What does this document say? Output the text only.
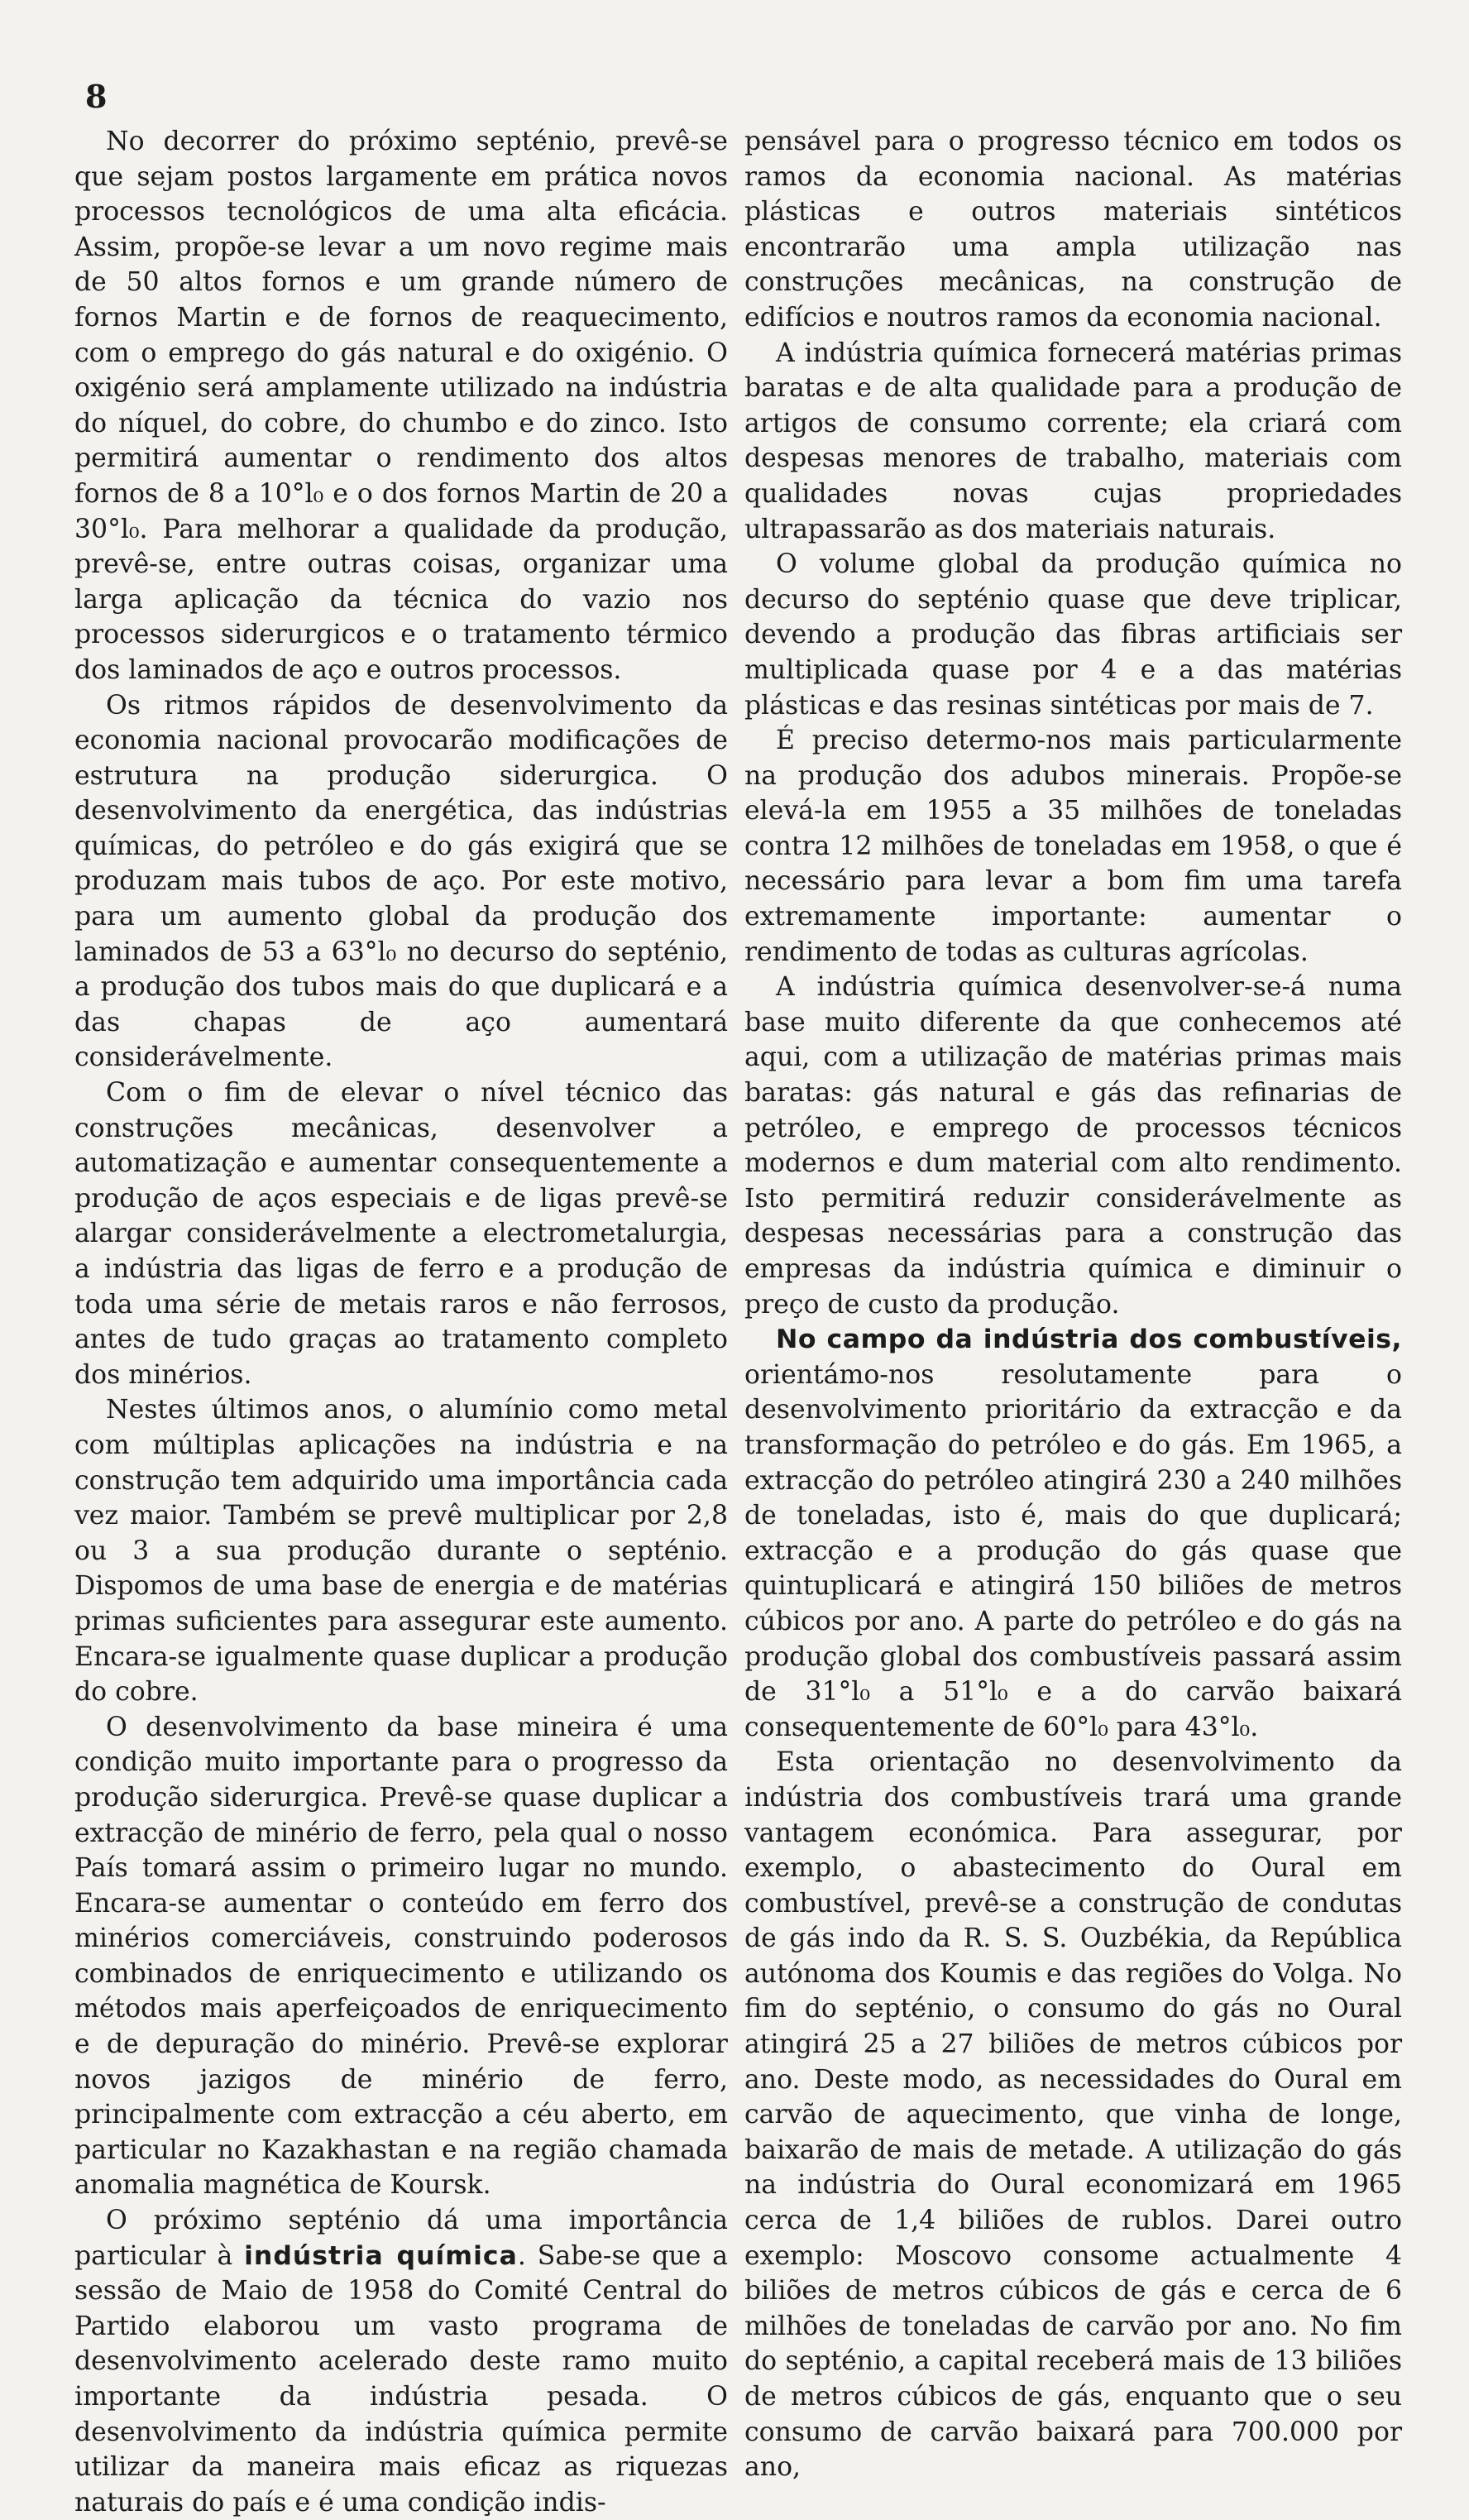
8

No decorrer do próximo septénio, prevê-se que sejam postos largamente em prática novos processos tecnológicos de uma alta eficácia. Assim, propõe-se levar a um novo regime mais de 50 altos fornos e um grande número de fornos Martin e de fornos de reaquecimento, com o emprego do gás natural e do oxigénio. O oxigénio será amplamente utilizado na indústria do níquel, do cobre, do chumbo e do zinco. Isto permitirá aumentar o rendimento dos altos fornos de 8 a 10°l₀ e o dos fornos Martin de 20 a 30°l₀. Para melhorar a qualidade da produção, prevê-se, entre outras coisas, organizar uma larga aplicação da técnica do vazio nos processos siderurgicos e o tratamento térmico dos laminados de aço e outros processos.

Os ritmos rápidos de desenvolvimento da economia nacional provocarão modificações de estrutura na produção siderurgica. O desenvolvimento da energética, das indústrias químicas, do petróleo e do gás exigirá que se produzam mais tubos de aço. Por este motivo, para um aumento global da produção dos laminados de 53 a 63°l₀ no decurso do septénio, a produção dos tubos mais do que duplicará e a das chapas de aço aumentará considerávelmente.

Com o fim de elevar o nível técnico das construções mecânicas, desenvolver a automatização e aumentar consequentemente a produção de aços especiais e de ligas prevê-se alargar considerávelmente a electrometalurgia, a indústria das ligas de ferro e a produção de toda uma série de metais raros e não ferrosos, antes de tudo graças ao tratamento completo dos minérios.

Nestes últimos anos, o alumínio como metal com múltiplas aplicações na indústria e na construção tem adquirido uma importância cada vez maior. Também se prevê multiplicar por 2,8 ou 3 a sua produção durante o septénio. Dispomos de uma base de energia e de matérias primas suficientes para assegurar este aumento. Encara-se igualmente quase duplicar a produção do cobre.

O desenvolvimento da base mineira é uma condição muito importante para o progresso da produção siderurgica. Prevê-se quase duplicar a extracção de minério de ferro, pela qual o nosso País tomará assim o primeiro lugar no mundo. Encara-se aumentar o conteúdo em ferro dos minérios comerciáveis, construindo poderosos combinados de enriquecimento e utilizando os métodos mais aperfeiçoados de enriquecimento e de depuração do minério. Prevê-se explorar novos jazigos de minério de ferro, principalmente com extracção a céu aberto, em particular no Kazakhastan e na região chamada anomalia magnética de Koursk.

O próximo septénio dá uma importância particular à indústria química. Sabe-se que a sessão de Maio de 1958 do Comité Central do Partido elaborou um vasto programa de desenvolvimento acelerado deste ramo muito importante da indústria pesada. O desenvolvimento da indústria química permite utilizar da maneira mais eficaz as riquezas naturais do país e é uma condição indis-

pensável para o progresso técnico em todos os ramos da economia nacional. As matérias plásticas e outros materiais sintéticos encontrarão uma ampla utilização nas construções mecânicas, na construção de edifícios e noutros ramos da economia nacional.

A indústria química fornecerá matérias primas baratas e de alta qualidade para a produção de artigos de consumo corrente; ela criará com despesas menores de trabalho, materiais com qualidades novas cujas propriedades ultrapassarão as dos materiais naturais.

O volume global da produção química no decurso do septénio quase que deve triplicar, devendo a produção das fibras artificiais ser multiplicada quase por 4 e a das matérias plásticas e das resinas sintéticas por mais de 7.

É preciso determo-nos mais particularmente na produção dos adubos minerais. Propõe-se elevá-la em 1955 a 35 milhões de toneladas contra 12 milhões de toneladas em 1958, o que é necessário para levar a bom fim uma tarefa extremamente importante: aumentar o rendimento de todas as culturas agrícolas.

A indústria química desenvolver-se-á numa base muito diferente da que conhecemos até aqui, com a utilização de matérias primas mais baratas: gás natural e gás das refinarias de petróleo, e emprego de processos técnicos modernos e dum material com alto rendimento. Isto permitirá reduzir considerávelmente as despesas necessárias para a construção das empresas da indústria química e diminuir o preço de custo da produção.

No campo da indústria dos combustíveis, orientámo-nos resolutamente para o desenvolvimento prioritário da extracção e da transformação do petróleo e do gás. Em 1965, a extracção do petróleo atingirá 230 a 240 milhões de toneladas, isto é, mais do que duplicará; extracção e a produção do gás quase que quintuplicará e atingirá 150 biliões de metros cúbicos por ano. A parte do petróleo e do gás na produção global dos combustíveis passará assim de 31°l₀ a 51°l₀ e a do carvão baixará consequentemente de 60°l₀ para 43°l₀.

Esta orientação no desenvolvimento da indústria dos combustíveis trará uma grande vantagem económica. Para assegurar, por exemplo, o abastecimento do Oural em combustível, prevê-se a construção de condutas de gás indo da R. S. S. Ouzbékia, da República autónoma dos Koumis e das regiões do Volga. No fim do septénio, o consumo do gás no Oural atingirá 25 a 27 biliões de metros cúbicos por ano. Deste modo, as necessidades do Oural em carvão de aquecimento, que vinha de longe, baixarão de mais de metade. A utilização do gás na indústria do Oural economizará em 1965 cerca de 1,4 biliões de rublos. Darei outro exemplo: Moscovo consome actualmente 4 biliões de metros cúbicos de gás e cerca de 6 milhões de toneladas de carvão por ano. No fim do septénio, a capital receberá mais de 13 biliões de metros cúbicos de gás, enquanto que o seu consumo de carvão baixará para 700.000 por ano,
